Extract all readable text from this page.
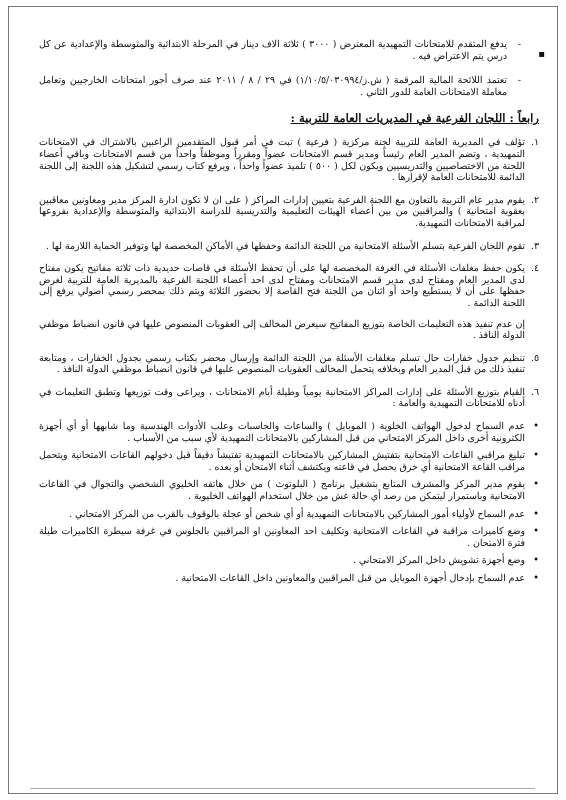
▪
-

يدفع المتقدم للامتحانات التمهيدية المعترض ( ٣٠٠٠ ) ثلاثة الاف دينار في المرحلة الابتدائية والمتوسطة والإعدادية عن كل درس يتم الاعتراض فيه .

-

تعتمد اللائحة المالية المرقمة ( ش.ز/١/١٠/٥/٠٣٠٩٩٤) في ٢٩ / ٨ / ٢٠١١ عند صرف أجور امتحانات الخارجيين وتعامل معاملة الامتحانات العامة للدور الثاني .

رابعاً : اللجان الفرعية في المديريات العامة للتربية :

١.

تؤلف في المديرية العامة للتربية لجنة مركزية ( فرعية ) تبت في أمر قبول المتقدمين الراغبين بالاشتراك في الامتحانات التمهيدية ، وتضم المدير العام رئيساً ومدير قسم الامتحانات عضواً ومقرراً وموظفاً واحداً من قسم الامتحانات وباقي أعضاء اللجنة من الاختصاصيين والتدريسيين ويكون لكل ( ٥٠٠ ) تلميذ عضواً واحداً ، ويرفع كتاب رسمي لتشكيل هذه اللجنة إلى اللجنة الدائمة للامتحانات العامة لإقرارها .

٢.

يقوم مدير عام التربية بالتعاون مع اللجنة الفرعية بتعيين إدارات المراكز ( على ان لا تكون ادارة المركز مدير ومعاونين معاقبين بعقوبة امتحانية ) والمراقبين من بين أعضاء الهيئات التعليمية والتدريسية للدراسة الابتدائية والمتوسطة والإعدادية بفروعها لمراقبة الامتحانات التمهيدية.

٣.

تقوم اللجان الفرعية بتسلم الأسئلة الامتحانية من اللجنة الدائمة وحفظها في الأماكن المخصصة لها وتوفير الحماية اللازمة لها .

٤.

يكون حفظ مغلفات الأسئلة في الغرفة المخصصة لها على أن تحفظ الأسئلة في قاصات حديدية ذات ثلاثة مفاتيح يكون مفتاح لدى المدير العام ومفتاح لدى مدير قسم الامتحانات ومفتاح لدى احد أعضاء اللجنة الفرعية بالمديرية العامة للتربية لغرض حفظها على أن لا يستطيع واحد أو اثنان من اللجنة فتح القاصة إلا بحضور الثلاثة ويتم ذلك بمحضر رسمي أصولي يرفع إلى اللجنة الدائمة .

إن عدم تنفيذ هذه التعليمات الخاصة بتوزيع المفاتيح سيعرض المخالف إلى العقوبات المنصوص عليها في قانون انضباط موظفي الدولة النافذ .

٥.

تنظيم جدول خفارات حال تسلم مغلفات الأسئلة من اللجنة الدائمة وإرسال محضر بكتاب رسمي بجدول الخفارات ، ومتابعة تنفيذ ذلك من قبل المدير العام وبخلافه يتحمل المخالف العقوبات المنصوص عليها في قانون انضباط موظفي الدولة النافذ .

٦.

القيام بتوزيع الأسئلة على إدارات المراكز الامتحانية يومياً وطيلة أيام الامتحانات ، ويراعى وقت توزيعها وتطبق التعليمات في أدناه للامتحانات التمهيدية والعامة :

•

عدم السماح لدخول الهواتف الخلوية ( الموبايل ) والساعات والحاسبات وعلب الأدوات الهندسية وما شابهها أو أي أجهزة الكترونية أخرى داخل المركز الامتحاني من قبل المشاركين بالامتحانات التمهيدية لأي سبب من الأسباب .

•

تبليغ مراقبي القاعات الامتحانية بتفتيش المشاركين بالامتحانات التمهيدية تفتيشاً دقيقاً قبل دخولهم القاعات الامتحانية ويتحمل مراقب القاعة الامتحانية أي خرق يحصل في قاعته ويكتشف أثناء الامتحان أو بعده .

•

يقوم مدير المركز والمشرف المتابع بتشغيل برنامج ( البلوتوث ) من خلال هاتفه الخليوي الشخصي والتجوال في القاعات الامتحانية وباستمرار ليتمكن من رصد أي حالة غش من خلال استخدام الهواتف الخليوية .

•

عدم السماح لأولياء أمور المشاركين بالامتحانات التمهيدية أو أي شخص أو عجلة بالوقوف بالقرب من المركز الامتحاني .

•

وضع كاميرات مراقبة في القاعات الامتحانية وتكليف احد المعاونين او المراقبين بالجلوس في غرفة سيطرة الكاميرات طيلة فترة الامتحان .

•

وضع أجهزة تشويش داخل المركز الامتحاني .

•

عدم السماح بإدخال أجهزة الموبايل من قبل المراقبين والمعاونين داخل القاعات الامتحانية .
